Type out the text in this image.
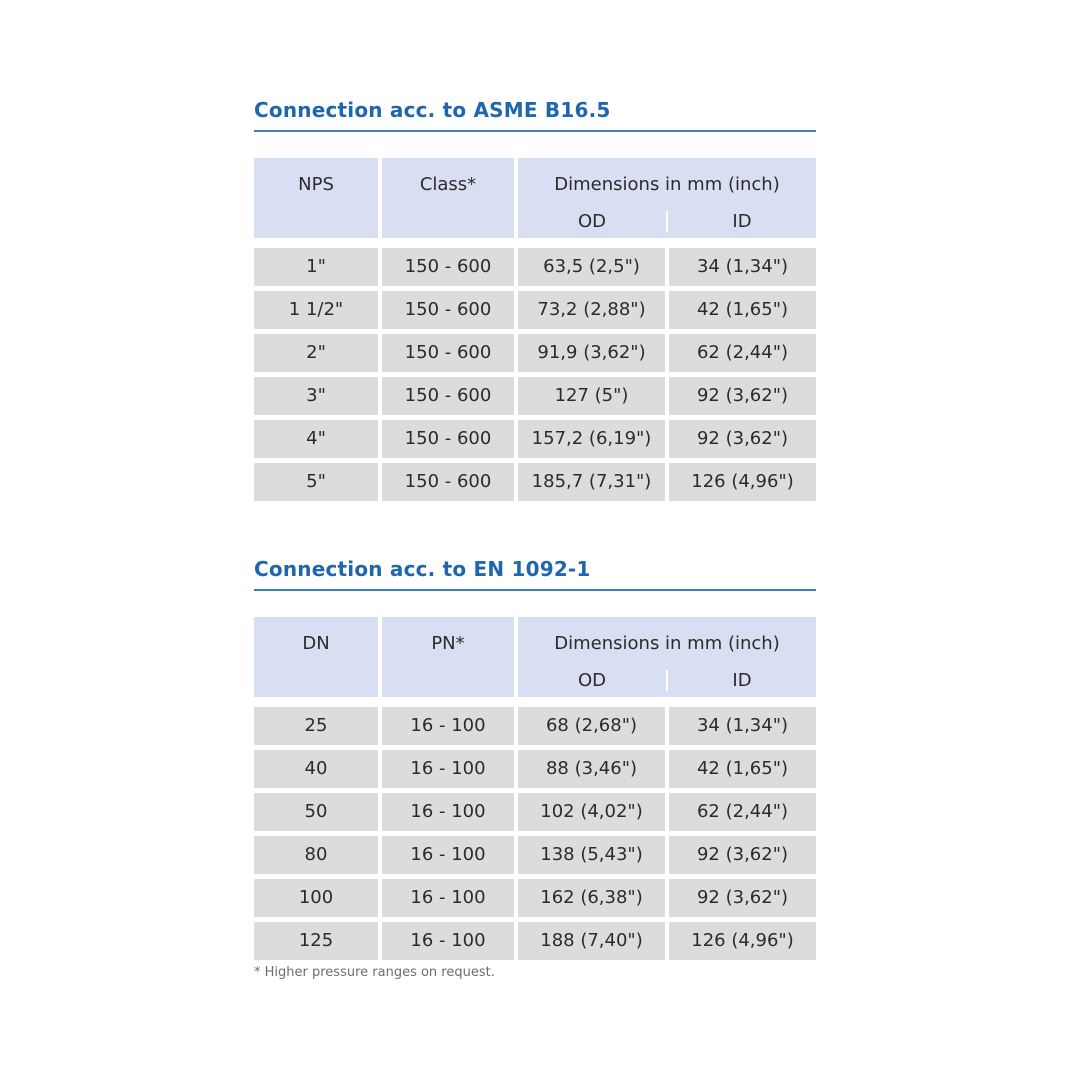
Connection acc. to ASME B16.5
NPS	Class*	Dimensions in mm (inch)
OD	ID
1"	150 - 600	63,5 (2,5")	34 (1,34")
1 1/2"	150 - 600	73,2 (2,88")	42 (1,65")
2"	150 - 600	91,9 (3,62")	62 (2,44")
3"	150 - 600	127 (5")	92 (3,62")
4"	150 - 600	157,2 (6,19")	92 (3,62")
5"	150 - 600	185,7 (7,31")	126 (4,96")
Connection acc. to EN 1092-1
DN	PN*	Dimensions in mm (inch)
OD	ID
25	16 - 100	68 (2,68")	34 (1,34")
40	16 - 100	88 (3,46")	42 (1,65")
50	16 - 100	102 (4,02")	62 (2,44")
80	16 - 100	138 (5,43")	92 (3,62")
100	16 - 100	162 (6,38")	92 (3,62")
125	16 - 100	188 (7,40")	126 (4,96")
* Higher pressure ranges on request.
